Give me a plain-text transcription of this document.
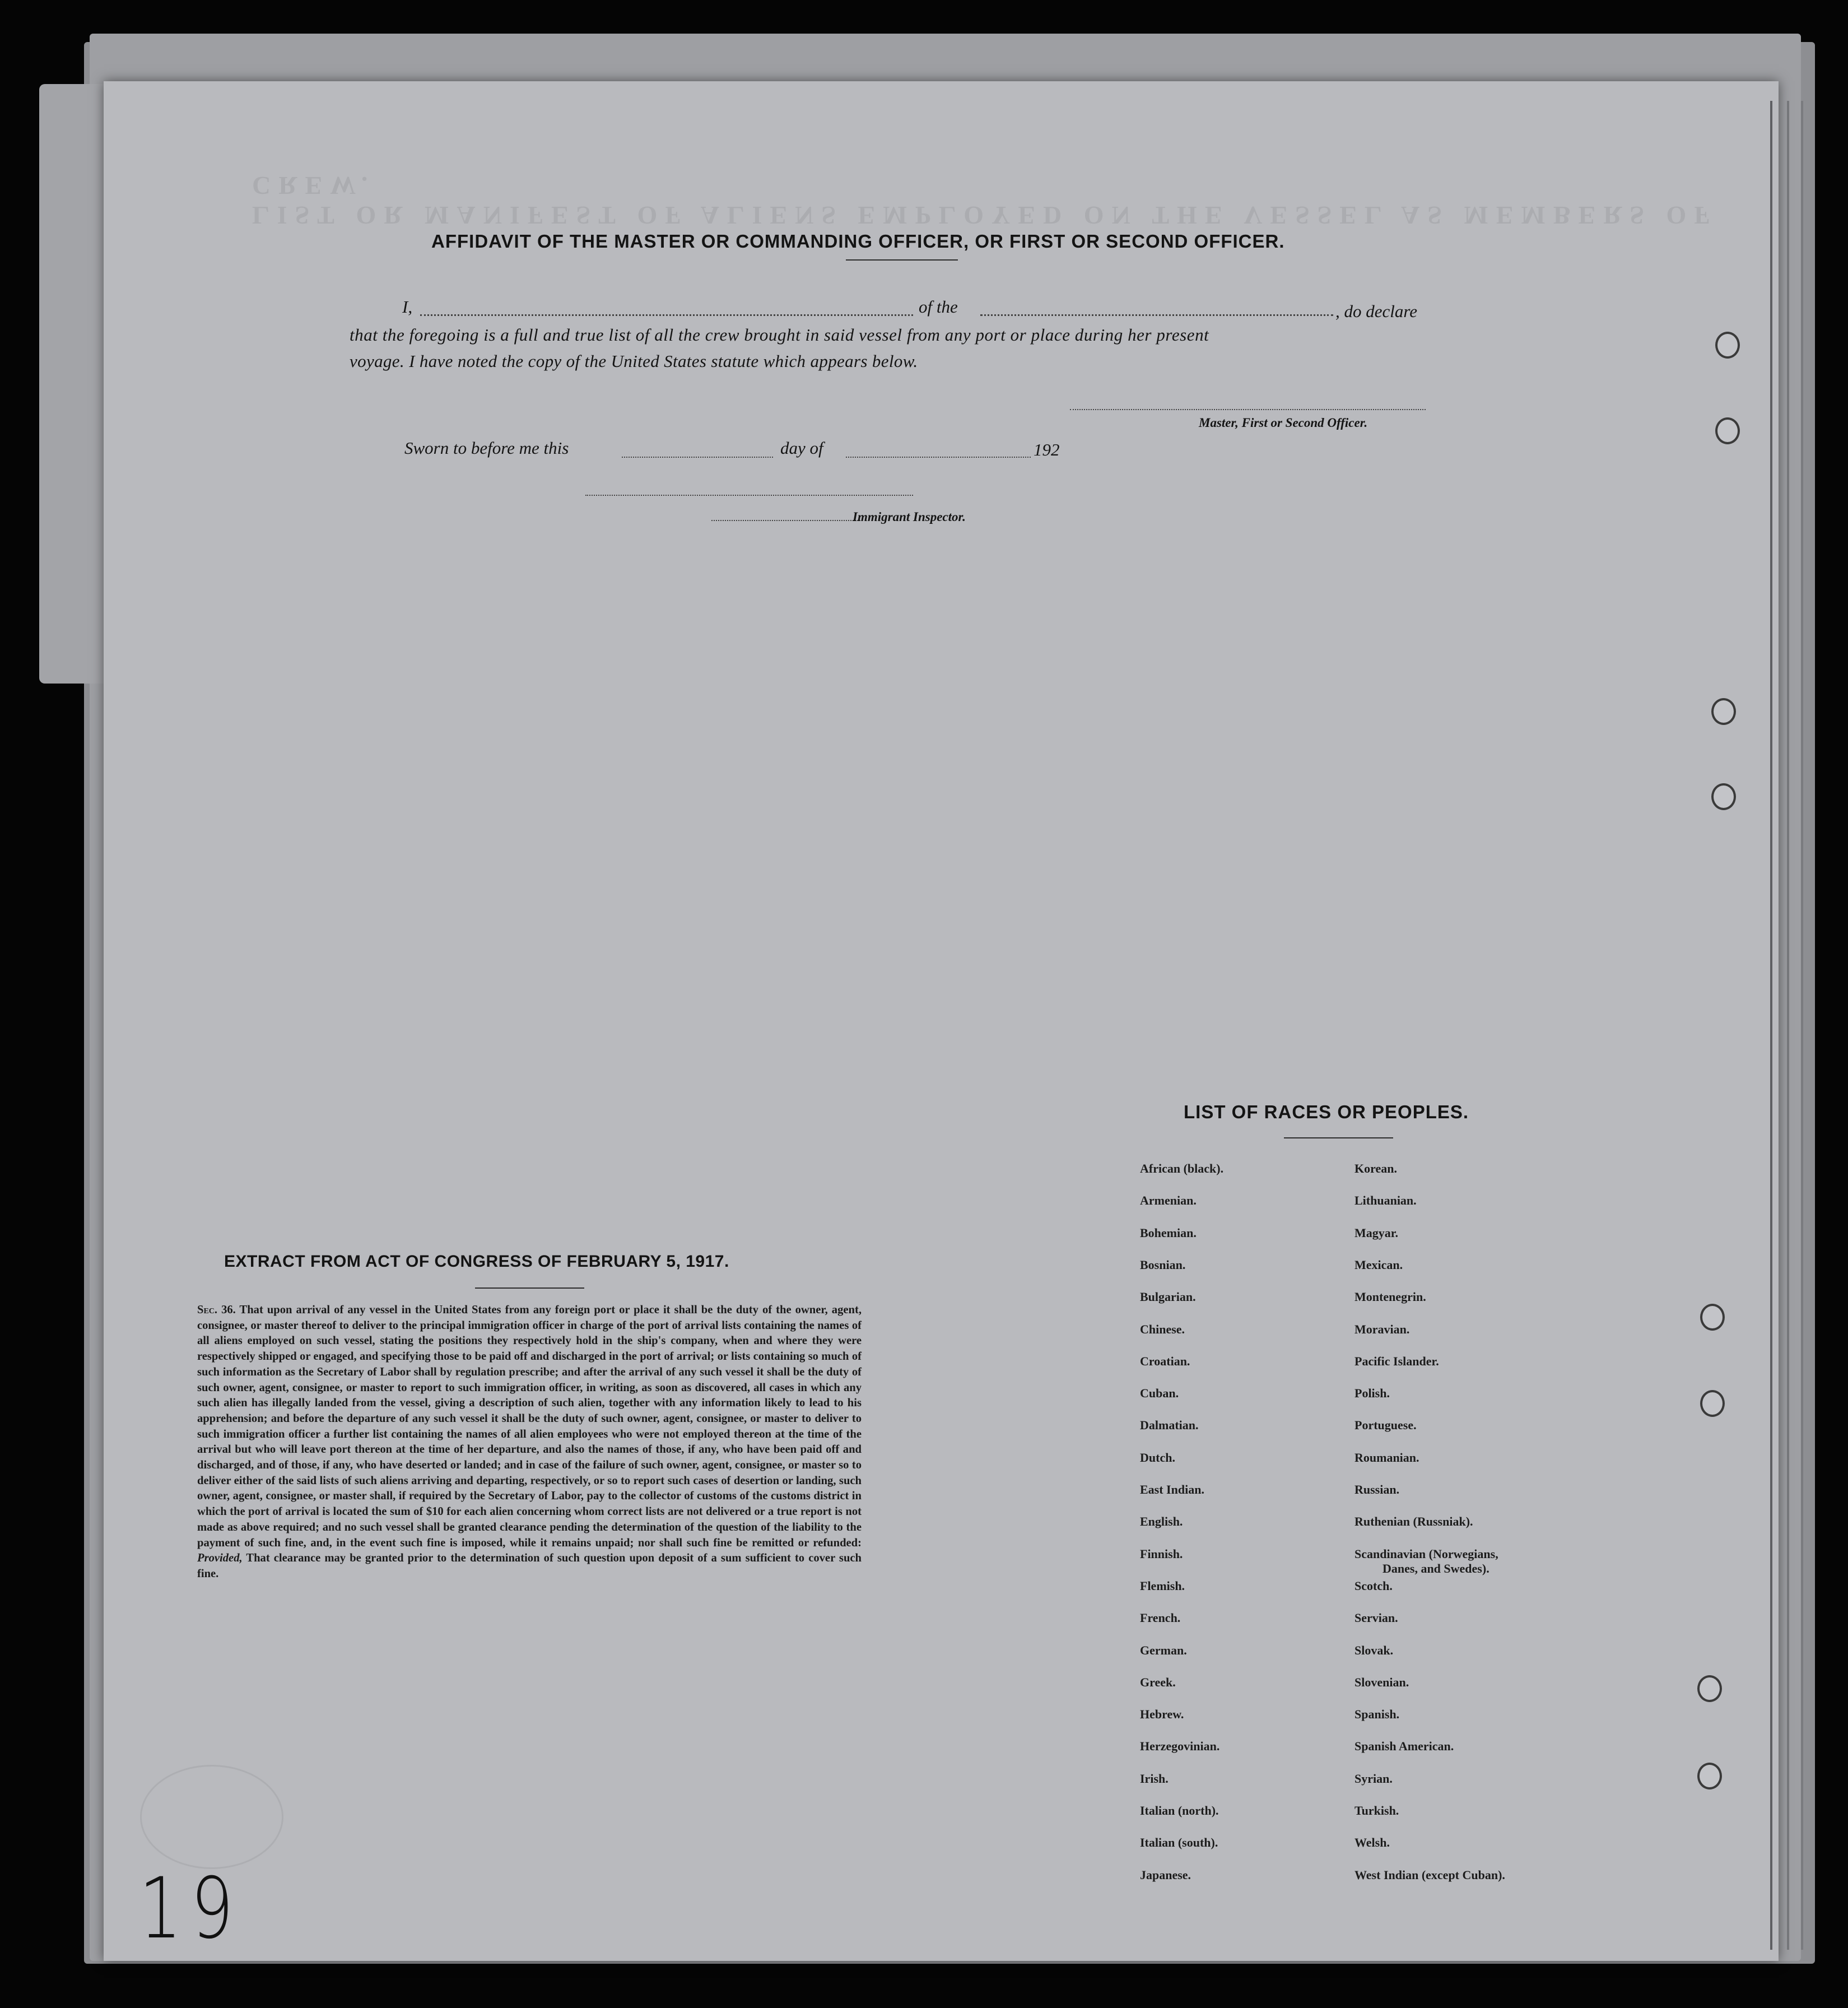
LIST OR MANIFEST OF ALIENS EMPLOYED ON THE VESSEL AS MEMBERS OF CREW.
AFFIDAVIT OF THE MASTER OR COMMANDING OFFICER, OR FIRST OR SECOND OFFICER.
I,	of the	, do declare
that the foregoing is a full and true list of all the crew brought in said vessel from any port or place during her present
voyage. I have noted the copy of the United States statute which appears below.
Master, First or Second Officer.
Sworn to before me this	day of	192
Immigrant Inspector.
EXTRACT FROM ACT OF CONGRESS OF FEBRUARY 5, 1917.
Sec. 36. That upon arrival of any vessel in the United States from any foreign port or place it shall be the duty of the owner, agent, consignee, or master thereof to deliver to the principal immigration officer in charge of the port of arrival lists containing the names of all aliens employed on such vessel, stating the positions they respectively hold in the ship's company, when and where they were respectively shipped or engaged, and specifying those to be paid off and discharged in the port of arrival; or lists containing so much of such information as the Secretary of Labor shall by regulation prescribe; and after the arrival of any such vessel it shall be the duty of such owner, agent, consignee, or master to report to such immigration officer, in writing, as soon as discovered, all cases in which any such alien has illegally landed from the vessel, giving a description of such alien, together with any information likely to lead to his apprehension; and before the departure of any such vessel it shall be the duty of such owner, agent, consignee, or master to deliver to such immigration officer a further list containing the names of all alien employees who were not employed thereon at the time of the arrival but who will leave port thereon at the time of her departure, and also the names of those, if any, who have been paid off and discharged, and of those, if any, who have deserted or landed; and in case of the failure of such owner, agent, consignee, or master so to deliver either of the said lists of such aliens arriving and departing, respectively, or so to report such cases of desertion or landing, such owner, agent, consignee, or master shall, if required by the Secretary of Labor, pay to the collector of customs of the customs district in which the port of arrival is located the sum of $10 for each alien concerning whom correct lists are not delivered or a true report is not made as above required; and no such vessel shall be granted clearance pending the determination of the question of the liability to the payment of such fine, and, in the event such fine is imposed, while it remains unpaid; nor shall such fine be remitted or refunded: Provided, That clearance may be granted prior to the determination of such question upon deposit of a sum sufficient to cover such fine.
LIST OF RACES OR PEOPLES.
African (black).
Armenian.
Bohemian.
Bosnian.
Bulgarian.
Chinese.
Croatian.
Cuban.
Dalmatian.
Dutch.
East Indian.
English.
Finnish.
Flemish.
French.
German.
Greek.
Hebrew.
Herzegovinian.
Irish.
Italian (north).
Italian (south).
Japanese.
Korean.
Lithuanian.
Magyar.
Mexican.
Montenegrin.
Moravian.
Pacific Islander.
Polish.
Portuguese.
Roumanian.
Russian.
Ruthenian (Russniak).
Scandinavian (Norwegians,
Danes, and Swedes).
Scotch.
Servian.
Slovak.
Slovenian.
Spanish.
Spanish American.
Syrian.
Turkish.
Welsh.
West Indian (except Cuban).
19
